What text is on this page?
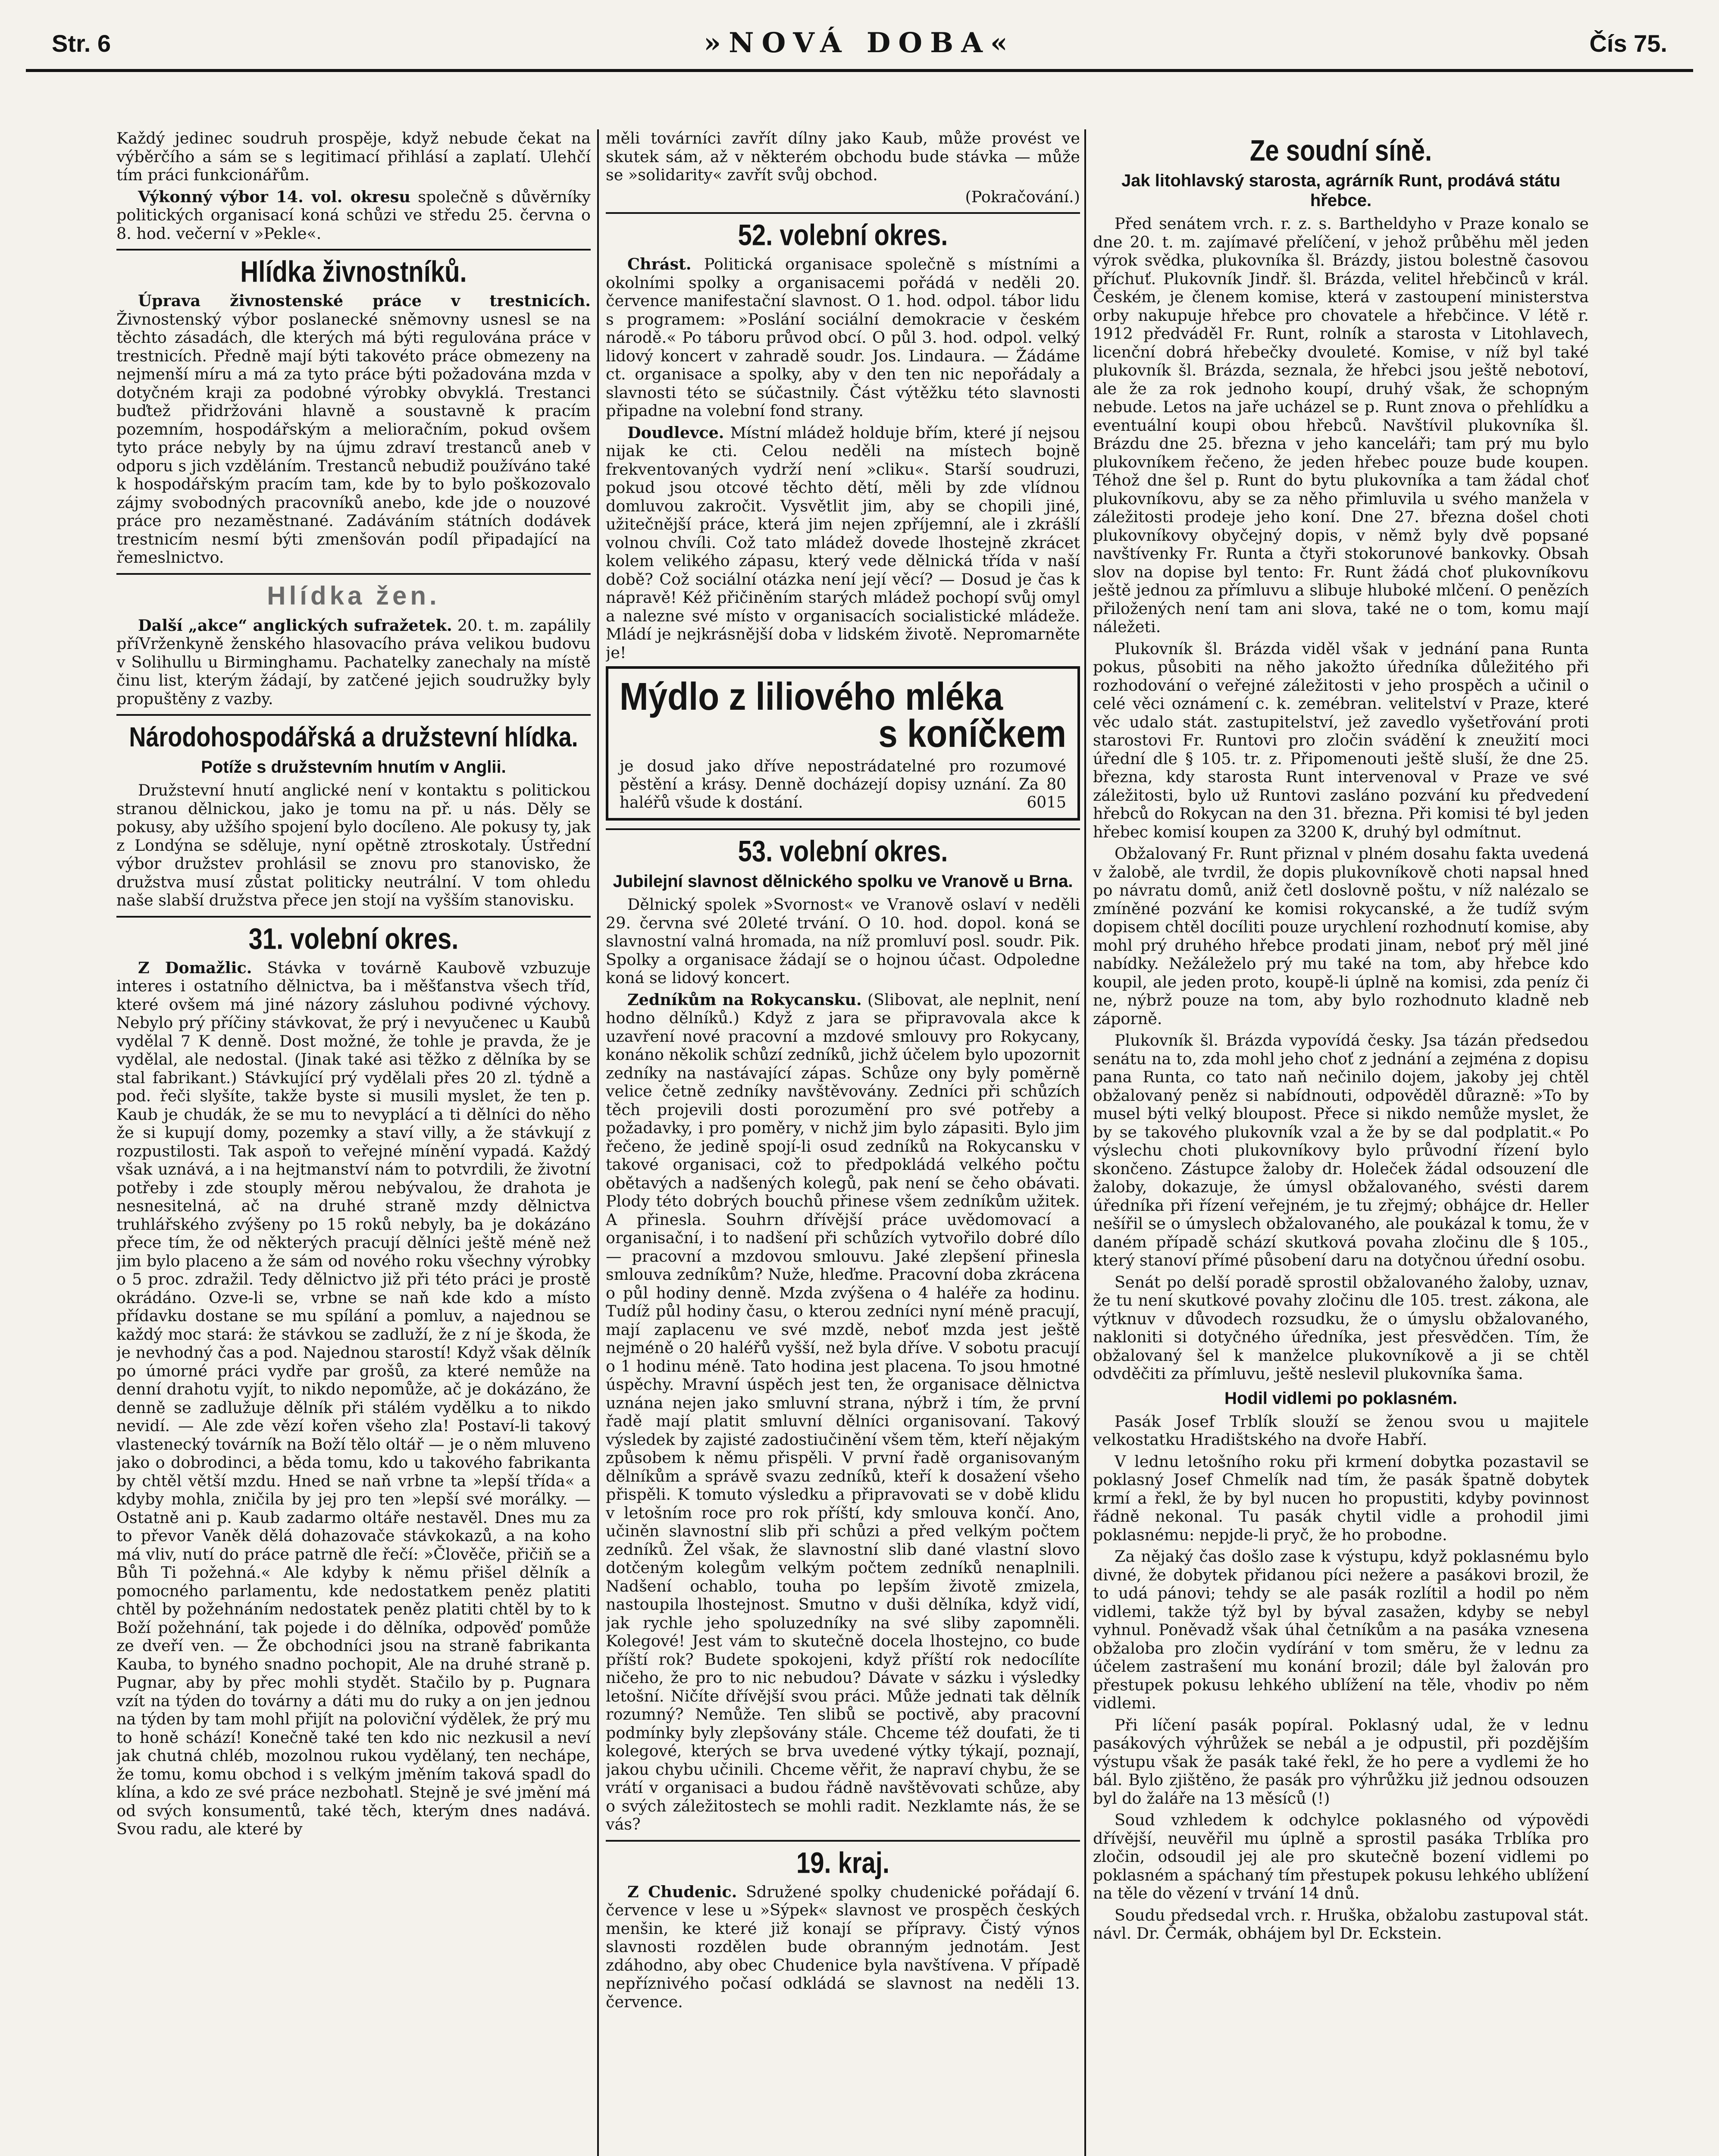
Str. 6	»NOVÁ DOBA«	Čís 75.

Každý jedinec soudruh prospěje, když nebude čekat na výběrčího a sám se s legitimací přihlásí a zaplatí. Ulehčí tím práci funkcionářům.

Výkonný výbor 14. vol. okresu společně s důvěrníky politických organisací koná schůzi ve středu 25. června o 8. hod. večerní v »Pekle«.

Hlídka živnostníků.

Úprava živnostenské práce v trestnicích. Živnostenský výbor poslanecké sněmovny usnesl se na těchto zásadách, dle kterých má býti regulována práce v trestnicích. Předně mají býti takovéto práce obmezeny na nejmenší míru a má za tyto práce býti požadována mzda v dotyčném kraji za podobné výrobky obvyklá. Trestanci buďtež přidržováni hlavně a soustavně k pracím pozemním, hospodářským a melioračním, pokud ovšem tyto práce nebyly by na újmu zdraví trestanců aneb v odporu s jich vzděláním. Trestanců nebudiž používáno také k hospodářským pracím tam, kde by to bylo poškozovalo zájmy svobodných pracovníků anebo, kde jde o nouzové práce pro nezaměstnané. Zadáváním státních dodávek trestnicím nesmí býti zmenšován podíl připadající na řemeslnictvo.

Hlídka žen.

Další „akce“ anglických sufražetek. 20. t. m. zapálily příVrženkyně ženského hlasovacího práva velikou budovu v Solihullu u Birminghamu. Pachatelky zanechaly na místě činu list, kterým žádají, by zatčené jejich soudružky byly propuštěny z vazby.

Národohospodářská a družstevní hlídka.
Potíže s družstevním hnutím v Anglii.

Družstevní hnutí anglické není v kontaktu s politickou stranou dělnickou, jako je tomu na př. u nás. Děly se pokusy, aby užšího spojení bylo docíleno. Ale pokusy ty, jak z Londýna se sděluje, nyní opětně ztroskotaly. Ústřední výbor družstev prohlásil se znovu pro stanovisko, že družstva musí zůstat politicky neutrální. V tom ohledu naše slabší družstva přece jen stojí na vyšším stanovisku.

31. volební okres.

Z Domažlic. Stávka v továrně Kaubově vzbuzuje interes i ostatního dělnictva, ba i měšťanstva všech tříd, které ovšem má jiné názory zásluhou podivné výchovy. Nebylo prý příčiny stávkovat, že prý i nevyučenec u Kaubů vydělal 7 K denně. Dost možné, že tohle je pravda, že je vydělal, ale nedostal. (Jinak také asi těžko z dělníka by se stal fabrikant.) Stávkující prý vydělali přes 20 zl. týdně a pod. řeči slyšíte, takže byste si musili myslet, že ten p. Kaub je chudák, že se mu to nevyplácí a ti dělníci do něho že si kupují domy, pozemky a staví villy, a že stávkují z rozpustilosti. Tak aspoň to veřejné mínění vypadá. Každý však uznává, a i na hejtmanství nám to potvrdili, že životní potřeby i zde stouply měrou nebývalou, že drahota je nesnesitelná, ač na druhé straně mzdy dělnictva truhlářského zvýšeny po 15 roků nebyly, ba je dokázáno přece tím, že od některých pracují dělníci ještě méně než jim bylo placeno a že sám od nového roku všechny výrobky o 5 proc. zdražil. Tedy dělnictvo již při této práci je prostě okrádáno. Ozve-li se, vrbne se naň kde kdo a místo přídavku dostane se mu spílání a pomluv, a najednou se každý moc stará: že stávkou se zadluží, že z ní je škoda, že je nevhodný čas a pod. Najednou starostí! Když však dělník po úmorné práci vydře par grošů, za které nemůže na denní drahotu vyjít, to nikdo nepomůže, ač je dokázáno, že denně se zadlužuje dělník při stálém vydělku a to nikdo nevidí. — Ale zde vězí kořen všeho zla! Postaví-li takový vlastenecký továrník na Boží tělo oltář — je o něm mluveno jako o dobrodinci, a běda tomu, kdo u takového fabrikanta by chtěl větší mzdu. Hned se naň vrbne ta »lepší třída« a kdyby mohla, zničila by jej pro ten »lepší své morálky. — Ostatně ani p. Kaub zadarmo oltáře nestavěl. Dnes mu za to převor Vaněk dělá dohazovače stávkokazů, a na koho má vliv, nutí do práce patrně dle řečí: »Člověče, přičiň se a Bůh Ti požehná.« Ale kdyby k němu přišel dělník a pomocného parlamentu, kde nedostatkem peněz platiti chtěl by požehnáním nedostatek peněz platiti chtěl by to k Boží požehnání, tak pojede i do dělníka, odpověď pomůže ze dveří ven. — Že obchodníci jsou na straně fabrikanta Kauba, to byného snadno pochopit, Ale na druhé straně p. Pugnar, aby by přec mohli stydět. Stačilo by p. Pugnara vzít na týden do továrny a dáti mu do ruky a on jen jednou na týden by tam mohl přijít na poloviční výdělek, že prý mu to honě schází! Konečně také ten kdo nic nezkusil a neví jak chutná chléb, mozolnou rukou vydělaný, ten nechápe, že tomu, komu obchod i s velkým jměním taková spadl do klína, a kdo ze své práce nezbohatl. Stejně je své jmění má od svých konsumentů, také těch, kterým dnes nadává. Svou radu, ale které by

měli továrníci zavřít dílny jako Kaub, může provést ve skutek sám, až v některém obchodu bude stávka — může se »solidarity« zavřít svůj obchod.

(Pokračování.)

52. volební okres.

Chrást. Politická organisace společně s místními a okolními spolky a organisacemi pořádá v neděli 20. července manifestační slavnost. O 1. hod. odpol. tábor lidu s programem: »Poslání sociální demokracie v českém národě.« Po táboru průvod obcí. O půl 3. hod. odpol. velký lidový koncert v zahradě soudr. Jos. Lindaura. — Žádáme ct. organisace a spolky, aby v den ten nic nepořádaly a slavnosti této se súčastnily. Část výtěžku této slavnosti připadne na volební fond strany.

Doudlevce. Místní mládež holduje břím, které jí nejsou nijak ke cti. Celou neděli na místech bojně frekventovaných vydrží není »cliku«. Starší soudruzi, pokud jsou otcové těchto dětí, měli by zde vlídnou domluvou zakročit. Vysvětlit jim, aby se chopili jiné, užitečnější práce, která jim nejen zpříjemní, ale i zkrášlí volnou chvíli. Což tato mládež dovede lhostejně zkrácet kolem velikého zápasu, který vede dělnická třída v naší době? Což sociální otázka není její věcí? — Dosud je čas k nápravě! Kéž přičiněním starých mládež pochopí svůj omyl a nalezne své místo v organisacích socialistické mládeže. Mládí je nejkrásnější doba v lidském životě. Nepromarněte je!

Mýdlo z liliového mléka
s koníčkem

je dosud jako dříve nepostrádatelné pro rozumové pěstění a krásy. Denně docházejí dopisy uznání. Za 80 haléřů všude k dostání.	6015

53. volební okres.
Jubilejní slavnost dělnického spolku ve Vranově u Brna.

Dělnický spolek »Svornost« ve Vranově oslaví v neděli 29. června své 20leté trvání. O 10. hod. dopol. koná se slavnostní valná hromada, na níž promluví posl. soudr. Pik. Spolky a organisace žádají se o hojnou účast. Odpoledne koná se lidový koncert.

Zedníkům na Rokycansku. (Slibovat, ale neplnit, není hodno dělníků.) Když z jara se připravovala akce k uzavření nové pracovní a mzdové smlouvy pro Rokycany, konáno několik schůzí zedníků, jichž účelem bylo upozornit zedníky na nastávající zápas. Schůze ony byly poměrně velice četně zedníky navštěvovány. Zedníci při schůzích těch projevili dosti porozumění pro své potřeby a požadavky, i pro poměry, v nichž jim bylo zápasiti. Bylo jim řečeno, že jedině spojí-li osud zedníků na Rokycansku v takové organisaci, což to předpokládá velkého počtu obětavých a nadšených kolegů, pak není se čeho obávati. Plody této dobrých bouchů přinese všem zedníkům užitek. A přinesla. Souhrn dřívější práce uvědomovací a organisační, i to nadšení při schůzích vytvořilo dobré dílo — pracovní a mzdovou smlouvu. Jaké zlepšení přinesla smlouva zedníkům? Nuže, hleďme. Pracovní doba zkrácena o půl hodiny denně. Mzda zvýšena o 4 haléře za hodinu. Tudíž půl hodiny času, o kterou zedníci nyní méně pracují, mají zaplacenu ve své mzdě, neboť mzda jest ještě nejméně o 20 haléřů vyšší, než byla dříve. V sobotu pracují o 1 hodinu méně. Tato hodina jest placena. To jsou hmotné úspěchy. Mravní úspěch jest ten, že organisace dělnictva uznána nejen jako smluvní strana, nýbrž i tím, že první řadě mají platit smluvní dělníci organisovaní. Takový výsledek by zajisté zadostiučinění všem těm, kteří nějakým způsobem k němu přispěli. V první řadě organisovaným dělníkům a správě svazu zedníků, kteří k dosažení všeho přispěli. K tomuto výsledku a připravovati se v době klidu v letošním roce pro rok příští, kdy smlouva končí. Ano, učiněn slavnostní slib při schůzi a před velkým počtem zedníků. Žel však, že slavnostní slib dané vlastní slovo dotčeným kolegům velkým počtem zedníků nenaplnili. Nadšení ochablo, touha po lepším životě zmizela, nastoupila lhostejnost. Smutno v duši dělníka, když vidí, jak rychle jeho spoluzedníky na své sliby zapomněli. Kolegové! Jest vám to skutečně docela lhostejno, co bude příští rok? Budete spokojeni, když příští rok nedocílíte ničeho, že pro to nic nebudou? Dávate v sázku i výsledky letošní. Ničíte dřívější svou práci. Může jednati tak dělník rozumný? Nemůže. Ten slibů se poctivě, aby pracovní podmínky byly zlepšovány stále. Chceme též doufati, že ti kolegové, kterých se brva uvedené výtky týkají, poznají, jakou chybu učinili. Chceme věřit, že napraví chybu, že se vrátí v organisaci a budou řádně navštěvovati schůze, aby o svých záležitostech se mohli radit. Nezklamte nás, že se vás?

19. kraj.

Z Chudenic. Sdružené spolky chudenické pořádají 6. července v lese u »Sýpek« slavnost ve prospěch českých menšin, ke které již konají se přípravy. Čistý výnos slavnosti rozdělen bude obranným jednotám. Jest zdáhodno, aby obec Chudenice byla navštívena. V případě nepříznivého počasí odkládá se slavnost na neděli 13. července.

Ze soudní síně.
Jak litohlavský starosta, agrárník Runt, prodává státu hřebce.

Před senátem vrch. r. z. s. Bartheldyho v Praze konalo se dne 20. t. m. zajímavé přelíčení, v jehož průběhu měl jeden výrok svědka, plukovníka šl. Brázdy, jistou bolestně časovou příchuť. Plukovník Jindř. šl. Brázda, velitel hřebčinců v král. Českém, je členem komise, která v zastoupení ministerstva orby nakupuje hřebce pro chovatele a hřebčince. V létě r. 1912 předváděl Fr. Runt, rolník a starosta v Litohlavech, licenční dobrá hřebečky dvouleté. Komise, v níž byl také plukovník šl. Brázda, seznala, že hřebci jsou ještě nebotoví, ale že za rok jednoho koupí, druhý však, že schopným nebude. Letos na jaře ucházel se p. Runt znova o přehlídku a eventuální koupi obou hřebců. Navštívil plukovníka šl. Brázdu dne 25. března v jeho kanceláři; tam prý mu bylo plukovníkem řečeno, že jeden hřebec pouze bude koupen. Téhož dne šel p. Runt do bytu plukovníka a tam žádal choť plukovníkovu, aby se za něho přimluvila u svého manžela v záležitosti prodeje jeho koní. Dne 27. března došel choti plukovníkovy obyčejný dopis, v němž byly dvě popsané navštívenky Fr. Runta a čtyři stokorunové bankovky. Obsah slov na dopise byl tento: Fr. Runt žádá choť plukovníkovu ještě jednou za přímluvu a slibuje hluboké mlčení. O penězích přiložených není tam ani slova, také ne o tom, komu mají náležeti.

Plukovník šl. Brázda viděl však v jednání pana Runta pokus, působiti na něho jakožto úředníka důležitého při rozhodování o veřejné záležitosti v jeho prospěch a učinil o celé věci oznámení c. k. zemébran. velitelství v Praze, které věc udalo stát. zastupitelství, jež zavedlo vyšetřování proti starostovi Fr. Runtovi pro zločin svádění k zneužití moci úřední dle § 105. tr. z. Připomenouti ještě sluší, že dne 25. března, kdy starosta Runt intervenoval v Praze ve své záležitosti, bylo už Runtovi zasláno pozvání ku předvedení hřebců do Rokycan na den 31. března. Při komisi té byl jeden hřebec komisí koupen za 3200 K, druhý byl odmítnut.

Obžalovaný Fr. Runt přiznal v plném dosahu fakta uvedená v žalobě, ale tvrdil, že dopis plukovníkově choti napsal hned po návratu domů, aniž četl doslovně poštu, v níž nalézalo se zmíněné pozvání ke komisi rokycanské, a že tudíž svým dopisem chtěl docíliti pouze urychlení rozhodnutí komise, aby mohl prý druhého hřebce prodati jinam, neboť prý měl jiné nabídky. Nežáleželo prý mu také na tom, aby hřebce kdo koupil, ale jeden proto, koupě-li úplně na komisi, zda peníz či ne, nýbrž pouze na tom, aby bylo rozhodnuto kladně neb záporně.

Plukovník šl. Brázda vypovídá česky. Jsa tázán předsedou senátu na to, zda mohl jeho choť z jednání a zejména z dopisu pana Runta, co tato naň nečinilo dojem, jakoby jej chtěl obžalovaný peněz si nabídnouti, odpověděl důrazně: »To by musel býti velký bloupost. Přece si nikdo nemůže myslet, že by se takového plukovník vzal a že by se dal podplatit.« Po výslechu choti plukovníkovy bylo průvodní řízení bylo skončeno. Zástupce žaloby dr. Holeček žádal odsouzení dle žaloby, dokazuje, že úmysl obžalovaného, svésti darem úředníka při řízení veřejném, je tu zřejmý; obhájce dr. Heller nešířil se o úmyslech obžalovaného, ale poukázal k tomu, že v daném případě schází skutková povaha zločinu dle § 105., který stanoví přímé působení daru na dotyčnou úřední osobu.

Senát po delší poradě sprostil obžalovaného žaloby, uznav, že tu není skutkové povahy zločinu dle 105. trest. zákona, ale výtknuv v důvodech rozsudku, že o úmyslu obžalovaného, nakloniti si dotyčného úředníka, jest přesvědčen. Tím, že obžalovaný šel k manželce plukovníkově a ji se chtěl odvděčiti za přímluvu, ještě neslevil plukovníka šama.

Hodil vidlemi po poklasném.

Pasák Josef Trblík slouží se ženou svou u majitele velkostatku Hradištského na dvoře Habří.

V lednu letošního roku při krmení dobytka pozastavil se poklasný Josef Chmelík nad tím, že pasák špatně dobytek krmí a řekl, že by byl nucen ho propustiti, kdyby povinnost řádně nekonal. Tu pasák chytil vidle a prohodil jimi poklasnému: nepjde-li pryč, že ho probodne.

Za nějaký čas došlo zase k výstupu, když poklasnému bylo divné, že dobytek přidanou píci nežere a pasákovi brozil, že to udá pánovi; tehdy se ale pasák rozlítil a hodil po něm vidlemi, takže týž byl by býval zasažen, kdyby se nebyl vyhnul. Poněvadž však úhal četníkům a na pasáka vznesena obžaloba pro zločin vydírání v tom směru, že v lednu za účelem zastrašení mu konání brozil; dále byl žalován pro přestupek pokusu lehkého ublížení na těle, vhodiv po něm vidlemi.

Při líčení pasák popíral. Poklasný udal, že v lednu pasákových výhrůžek se nebál a je odpustil, při pozdějším výstupu však že pasák také řekl, že ho pere a vydlemi že ho bál. Bylo zjištěno, že pasák pro výhrůžku již jednou odsouzen byl do žaláře na 13 měsíců (!)

Soud vzhledem k odchylce poklasného od výpovědi dřívější, neuvěřil mu úplně a sprostil pasáka Trblíka pro zločin, odsoudil jej ale pro skutečně bození vidlemi po poklasném a spáchaný tím přestupek pokusu lehkého ublížení na těle do vězení v trvání 14 dnů.

Soudu předsedal vrch. r. Hruška, obžalobu zastupoval stát. návl. Dr. Čermák, obhájem byl Dr. Eckstein.
